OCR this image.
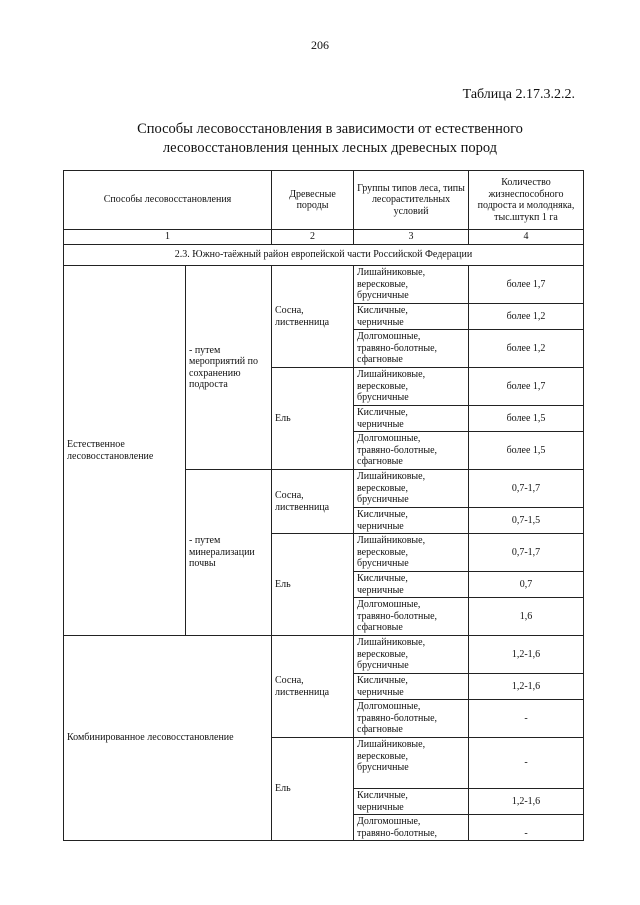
206
Таблица 2.17.3.2.2.
Способы лесовосстановления в зависимости от естественного
лесовосстановления ценных лесных древесных пород
Способы лесовосстановления		Древесные породы	Группы типов леса, типы лесорастительных условий	Количество жизнеспособного подроста и молодняка, тыс.штукп 1 га
1		2	3	4
2.3. Южно-таёжный район европейской части Российской Федерации				
Естественное лесовосстановление	- путем мероприятий по сохранению подроста	Сосна, лиственница	Лишайниковые,
вересковые,
брусничные	более 1,7
			Кисличные,
черничные	более 1,2
			Долгомошные,
травяно-болотные,
сфагновые	более 1,2
		Ель	Лишайниковые,
вересковые,
брусничные	более 1,7
			Кисличные,
черничные	более 1,5
			Долгомошные,
травяно-болотные,
сфагновые	более 1,5
	- путем минерализации почвы	Сосна, лиственница	Лишайниковые,
вересковые,
брусничные	0,7-1,7
			Кисличные,
черничные	0,7-1,5
		Ель	Лишайниковые,
вересковые,
брусничные	0,7-1,7
			Кисличные,
черничные	0,7
			Долгомошные,
травяно-болотные,
сфагновые	1,6
Комбинированное лесовосстановление		Сосна, лиственница	Лишайниковые,
вересковые,
брусничные	1,2-1,6
			Кисличные,
черничные	1,2-1,6
			Долгомошные,
травяно-болотные,
сфагновые	-
		Ель	Лишайниковые,
вересковые,
брусничные	-
			Кисличные,
черничные	1,2-1,6
			Долгомошные,
травяно-болотные,	-
